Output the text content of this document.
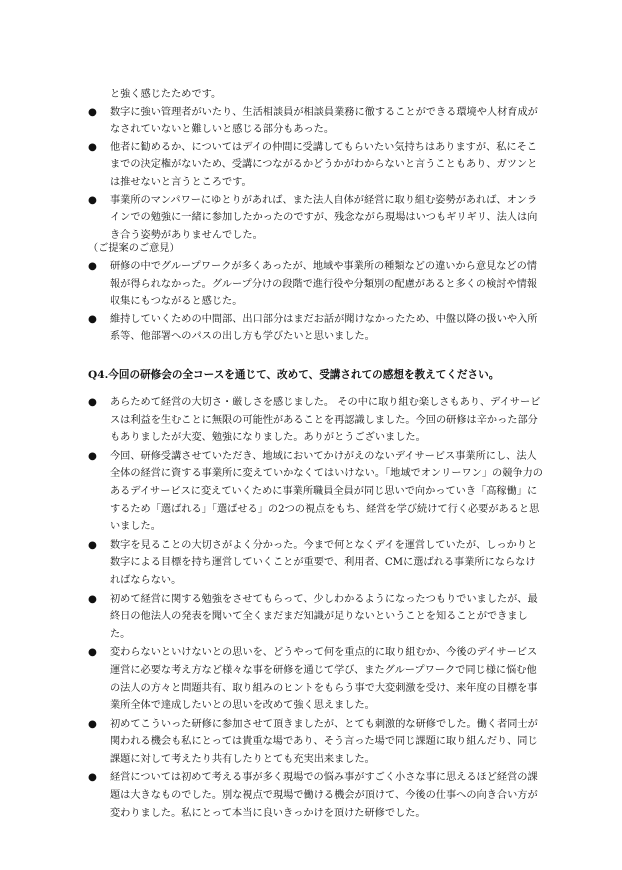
と強く感じたためです。
●	数字に強い管理者がいたり、生活相談員が相談員業務に徹することができる環境や人材育成がなされていないと難しいと感じる部分もあった。
●	他者に勧めるか、についてはデイの仲間に受講してもらいたい気持ちはありますが、私にそこまでの決定権がないため、受講につながるかどうかがわからないと言うこともあり、ガツンとは推せないと言うところです。
●	事業所のマンパワーにゆとりがあれば、また法人自体が経営に取り組む姿勢があれば、オンラインでの勉強に一緒に参加したかったのですが、残念ながら現場はいつもギリギリ、法人は向き合う姿勢がありませんでした。
（ご提案のご意見）
●	研修の中でグループワークが多くあったが、地域や事業所の種類などの違いから意見などの情報が得られなかった。グループ分けの段階で進行役や分類別の配慮があると多くの検討や情報収集にもつながると感じた。
●	維持していくための中間部、出口部分はまだお話が聞けなかったため、中盤以降の扱いや入所系等、他部署へのパスの出し方も学びたいと思いました。
Q4.今回の研修会の全コースを通じて、改めて、受講されての感想を教えてください。
●	あらためて経営の大切さ・厳しさを感じました。 その中に取り組む楽しさもあり、デイサービスは利益を生むことに無限の可能性があることを再認識しました。今回の研修は辛かった部分もありましたが大変、勉強になりました。ありがとうございました。
●	今回、研修受講させていただき、地域においてかけがえのないデイサービス事業所にし、法人全体の経営に資する事業所に変えていかなくてはいけない。「地域でオンリーワン」の競争力のあるデイサービスに変えていくために事業所職員全員が同じ思いで向かっていき「高稼働」にするため「選ばれる」「選ばせる」の2つの視点をもち、経営を学び続けて行く必要があると思いました。
●	数字を見ることの大切さがよく分かった。今まで何となくデイを運営していたが、しっかりと数字による目標を持ち運営していくことが重要で、利用者、CMに選ばれる事業所にならなければならない。
●	初めて経営に関する勉強をさせてもらって、少しわかるようになったつもりでいましたが、最終日の他法人の発表を聞いて全くまだまだ知識が足りないということを知ることができました。
●	変わらないといけないとの思いを、どうやって何を重点的に取り組むか、今後のデイサービス運営に必要な考え方など様々な事を研修を通じて学び、またグループワークで同じ様に悩む他の法人の方々と問題共有、取り組みのヒントをもらう事で大変刺激を受け、来年度の目標を事業所全体で達成したいとの思いを改めて強く思えました。
●	初めてこういった研修に参加させて頂きましたが、とても刺激的な研修でした。働く者同士が関われる機会も私にとっては貴重な場であり、そう言った場で同じ課題に取り組んだり、同じ課題に対して考えたり共有したりとても充実出来ました。
●	経営については初めて考える事が多く現場での悩み事がすごく小さな事に思えるほど経営の課題は大きなものでした。別な視点で現場で働ける機会が頂けて、今後の仕事への向き合い方が変わりました。私にとって本当に良いきっかけを頂けた研修でした。
